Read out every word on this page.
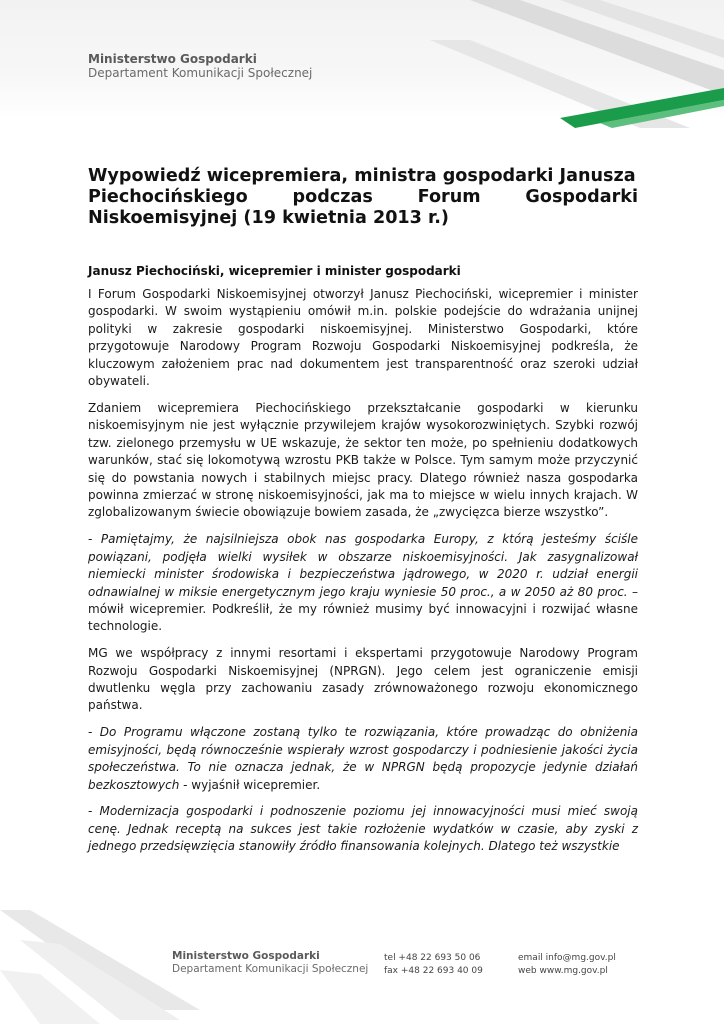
Ministerstwo Gospodarki
Departament Komunikacji Społecznej
Wypowiedź wicepremiera, ministra gospodarki Janusza
Piechocińskiego podczas Forum Gospodarki
Niskoemisyjnej (19 kwietnia 2013 r.)
Janusz Piechociński, wicepremier i minister gospodarki

I Forum Gospodarki Niskoemisyjnej otworzył Janusz Piechociński, wicepremier i minister gospodarki. W swoim wystąpieniu omówił m.in. polskie podejście do wdrażania unijnej polityki w zakresie gospodarki niskoemisyjnej. Ministerstwo Gospodarki, które przygotowuje Narodowy Program Rozwoju Gospodarki Niskoemisyjnej podkreśla, że kluczowym założeniem prac nad dokumentem jest transparentność oraz szeroki udział obywateli.

Zdaniem wicepremiera Piechocińskiego przekształcanie gospodarki w kierunku niskoemisyjnym nie jest wyłącznie przywilejem krajów wysokorozwiniętych. Szybki rozwój tzw. zielonego przemysłu w UE wskazuje, że sektor ten może, po spełnieniu dodatkowych warunków, stać się lokomotywą wzrostu PKB także w Polsce. Tym samym może przyczynić się do powstania nowych i stabilnych miejsc pracy. Dlatego również nasza gospodarka powinna zmierzać w stronę niskoemisyjności, jak ma to miejsce w wielu innych krajach. W zglobalizowanym świecie obowiązuje bowiem zasada, że „zwycięzca bierze wszystko”.

- Pamiętajmy, że najsilniejsza obok nas gospodarka Europy, z którą jesteśmy ściśle powiązani, podjęła wielki wysiłek w obszarze niskoemisyjności. Jak zasygnalizował niemiecki minister środowiska i bezpieczeństwa jądrowego, w 2020 r. udział energii odnawialnej w miksie energetycznym jego kraju wyniesie 50 proc., a w 2050 aż 80 proc. – mówił wicepremier. Podkreślił, że my również musimy być innowacyjni i rozwijać własne technologie.

MG we współpracy z innymi resortami i ekspertami przygotowuje Narodowy Program Rozwoju Gospodarki Niskoemisyjnej (NPRGN). Jego celem jest ograniczenie emisji dwutlenku węgla przy zachowaniu zasady zrównoważonego rozwoju ekonomicznego państwa.

- Do Programu włączone zostaną tylko te rozwiązania, które prowadząc do obniżenia emisyjności, będą równocześnie wspierały wzrost gospodarczy i podniesienie jakości życia społeczeństwa. To nie oznacza jednak, że w NPRGN będą propozycje jedynie działań bezkosztowych - wyjaśnił wicepremier.

- Modernizacja gospodarki i podnoszenie poziomu jej innowacyjności musi mieć swoją cenę. Jednak receptą na sukces jest takie rozłożenie wydatków w czasie, aby zyski z jednego przedsięwzięcia stanowiły źródło finansowania kolejnych. Dlatego też wszystkie

Ministerstwo Gospodarki
Departament Komunikacji Społecznej
tel +48 22 693 50 06
fax +48 22 693 40 09
email info@mg.gov.pl
web www.mg.gov.pl
